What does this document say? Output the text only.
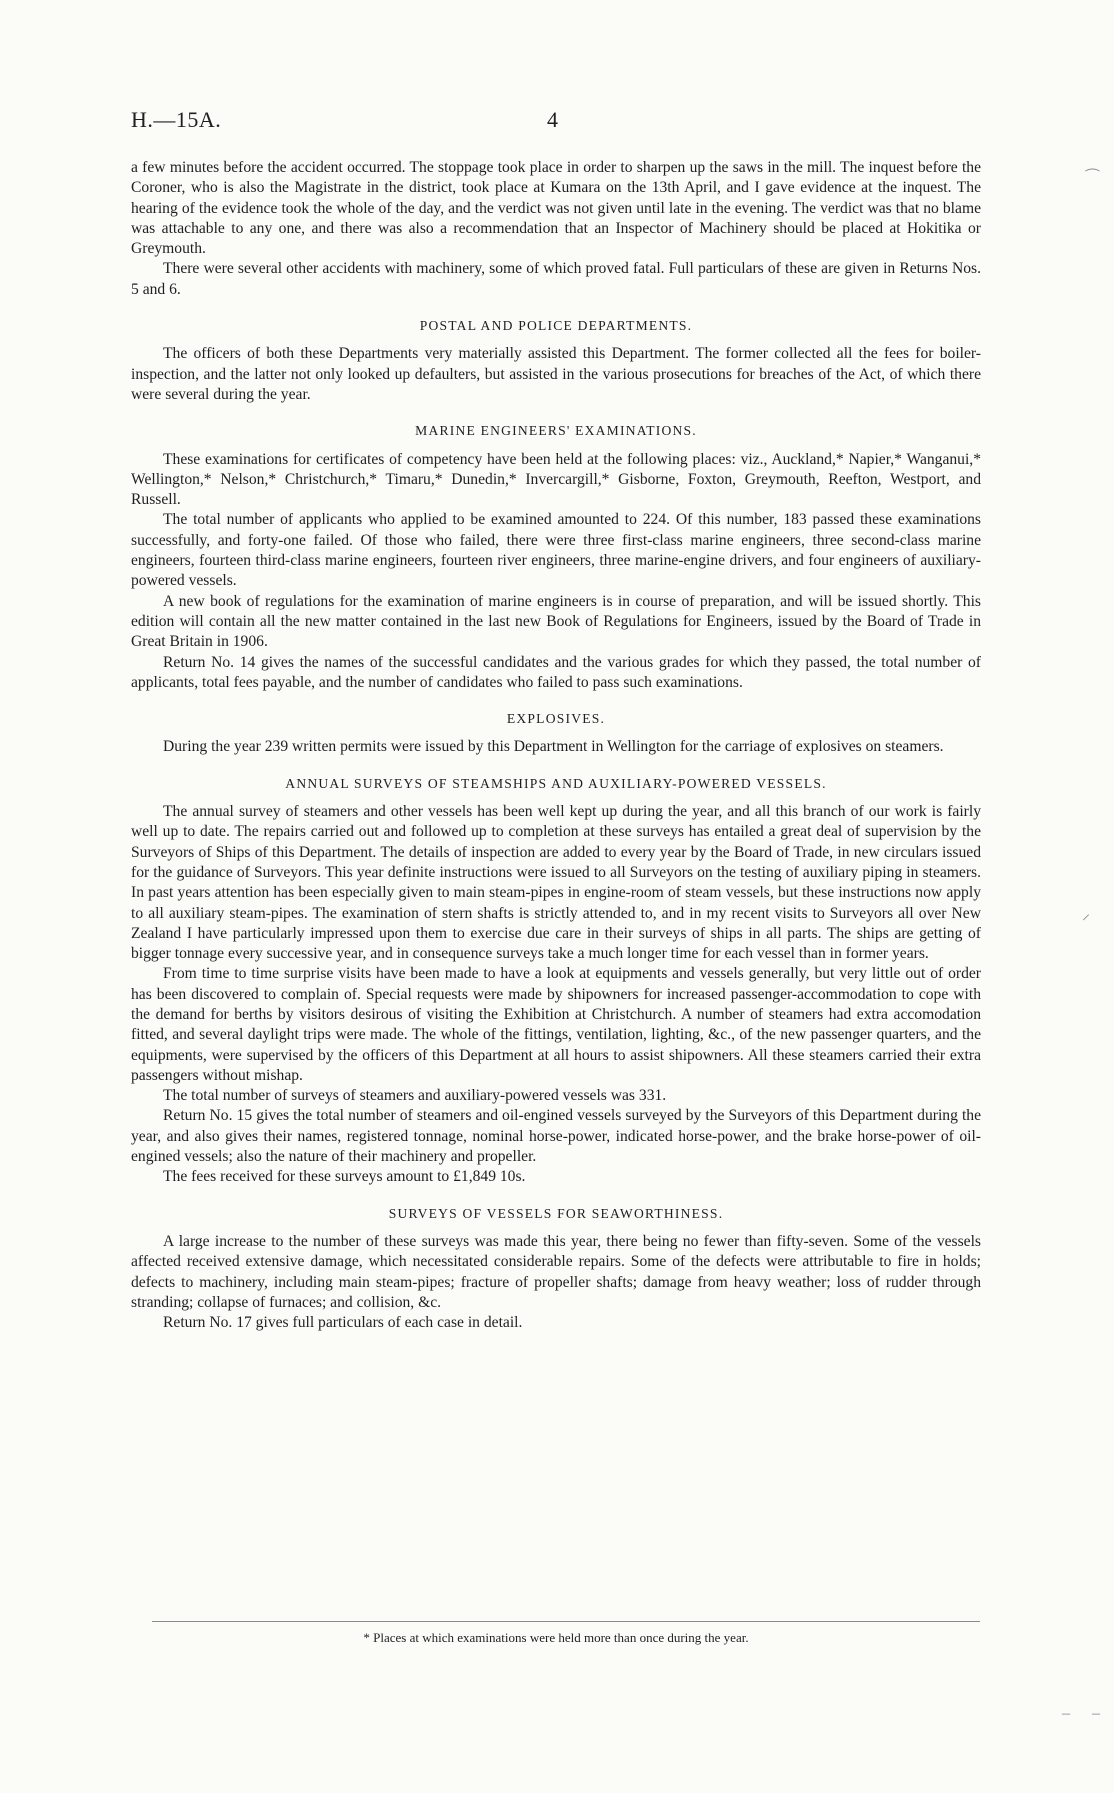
H.—15A.	4

a few minutes before the accident occurred. The stoppage took place in order to sharpen up the saws in the mill. The inquest before the Coroner, who is also the Magistrate in the district, took place at Kumara on the 13th April, and I gave evidence at the inquest. The hearing of the evidence took the whole of the day, and the verdict was not given until late in the evening. The verdict was that no blame was attachable to any one, and there was also a recommendation that an Inspector of Machinery should be placed at Hokitika or Greymouth.

There were several other accidents with machinery, some of which proved fatal. Full particulars of these are given in Returns Nos. 5 and 6.

POSTAL AND POLICE DEPARTMENTS.

The officers of both these Departments very materially assisted this Department. The former collected all the fees for boiler-inspection, and the latter not only looked up defaulters, but assisted in the various prosecutions for breaches of the Act, of which there were several during the year.

MARINE ENGINEERS' EXAMINATIONS.

These examinations for certificates of competency have been held at the following places: viz., Auckland,* Napier,* Wanganui,* Wellington,* Nelson,* Christchurch,* Timaru,* Dunedin,* Invercargill,* Gisborne, Foxton, Greymouth, Reefton, Westport, and Russell.

The total number of applicants who applied to be examined amounted to 224. Of this number, 183 passed these examinations successfully, and forty-one failed. Of those who failed, there were three first-class marine engineers, three second-class marine engineers, fourteen third-class marine engineers, fourteen river engineers, three marine-engine drivers, and four engineers of auxiliary-powered vessels.

A new book of regulations for the examination of marine engineers is in course of preparation, and will be issued shortly. This edition will contain all the new matter contained in the last new Book of Regulations for Engineers, issued by the Board of Trade in Great Britain in 1906.

Return No. 14 gives the names of the successful candidates and the various grades for which they passed, the total number of applicants, total fees payable, and the number of candidates who failed to pass such examinations.

EXPLOSIVES.

During the year 239 written permits were issued by this Department in Wellington for the carriage of explosives on steamers.

ANNUAL SURVEYS OF STEAMSHIPS AND AUXILIARY-POWERED VESSELS.

The annual survey of steamers and other vessels has been well kept up during the year, and all this branch of our work is fairly well up to date. The repairs carried out and followed up to completion at these surveys has entailed a great deal of supervision by the Surveyors of Ships of this Department. The details of inspection are added to every year by the Board of Trade, in new circulars issued for the guidance of Surveyors. This year definite instructions were issued to all Surveyors on the testing of auxiliary piping in steamers. In past years attention has been especially given to main steam-pipes in engine-room of steam vessels, but these instructions now apply to all auxiliary steam-pipes. The examination of stern shafts is strictly attended to, and in my recent visits to Surveyors all over New Zealand I have particularly impressed upon them to exercise due care in their surveys of ships in all parts. The ships are getting of bigger tonnage every successive year, and in consequence surveys take a much longer time for each vessel than in former years.

From time to time surprise visits have been made to have a look at equipments and vessels generally, but very little out of order has been discovered to complain of. Special requests were made by shipowners for increased passenger-accommodation to cope with the demand for berths by visitors desirous of visiting the Exhibition at Christchurch. A number of steamers had extra accomodation fitted, and several daylight trips were made. The whole of the fittings, ventilation, lighting, &c., of the new passenger quarters, and the equipments, were supervised by the officers of this Department at all hours to assist shipowners. All these steamers carried their extra passengers without mishap.

The total number of surveys of steamers and auxiliary-powered vessels was 331.

Return No. 15 gives the total number of steamers and oil-engined vessels surveyed by the Surveyors of this Department during the year, and also gives their names, registered tonnage, nominal horse-power, indicated horse-power, and the brake horse-power of oil-engined vessels; also the nature of their machinery and propeller.

The fees received for these surveys amount to £1,849 10s.

SURVEYS OF VESSELS FOR SEAWORTHINESS.

A large increase to the number of these surveys was made this year, there being no fewer than fifty-seven. Some of the vessels affected received extensive damage, which necessitated considerable repairs. Some of the defects were attributable to fire in holds; defects to machinery, including main steam-pipes; fracture of propeller shafts; damage from heavy weather; loss of rudder through stranding; collapse of furnaces; and collision, &c.

Return No. 17 gives full particulars of each case in detail.

* Places at which examinations were held more than once during the year.
⁀
⸝
– –
